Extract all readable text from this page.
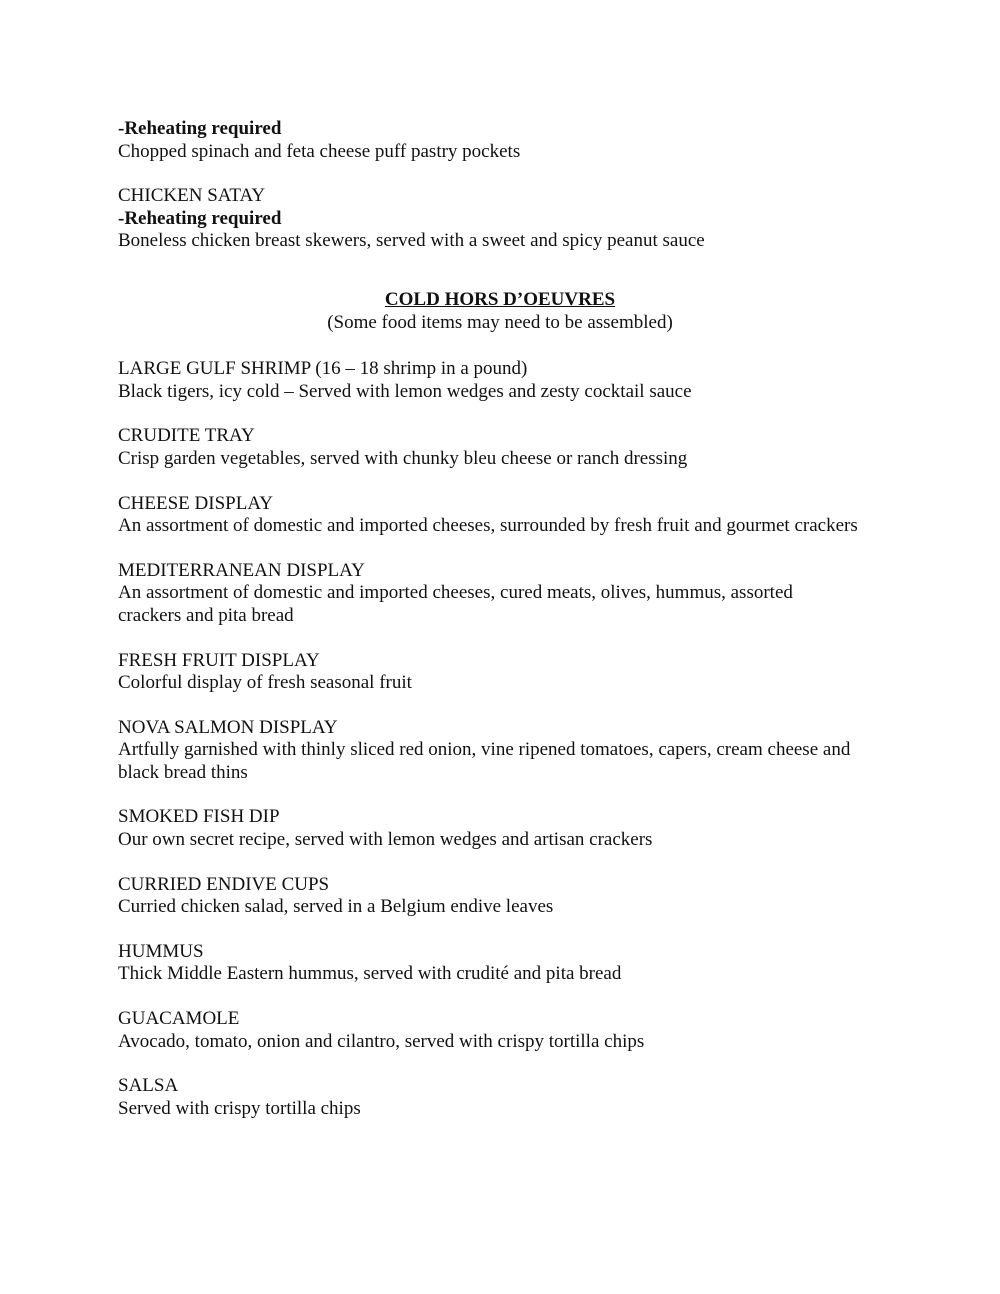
-Reheating required

Chopped spinach and feta cheese puff pastry pockets

CHICKEN SATAY

-Reheating required

Boneless chicken breast skewers, served with a sweet and spicy peanut sauce

COLD HORS D’OEUVRES

(Some food items may need to be assembled)

LARGE GULF SHRIMP (16 – 18 shrimp in a pound)

Black tigers, icy cold – Served with lemon wedges and zesty cocktail sauce

CRUDITE TRAY

Crisp garden vegetables, served with chunky bleu cheese or ranch dressing

CHEESE DISPLAY

An assortment of domestic and imported cheeses, surrounded by fresh fruit and gourmet crackers

MEDITERRANEAN DISPLAY

An assortment of domestic and imported cheeses, cured meats, olives, hummus, assorted crackers and pita bread

FRESH FRUIT DISPLAY

Colorful display of fresh seasonal fruit

NOVA SALMON DISPLAY

Artfully garnished with thinly sliced red onion, vine ripened tomatoes, capers, cream cheese and black bread thins

SMOKED FISH DIP

Our own secret recipe, served with lemon wedges and artisan crackers

CURRIED ENDIVE CUPS

Curried chicken salad, served in a Belgium endive leaves

HUMMUS

Thick Middle Eastern hummus, served with crudité and pita bread

GUACAMOLE

Avocado, tomato, onion and cilantro, served with crispy tortilla chips

SALSA

Served with crispy tortilla chips
